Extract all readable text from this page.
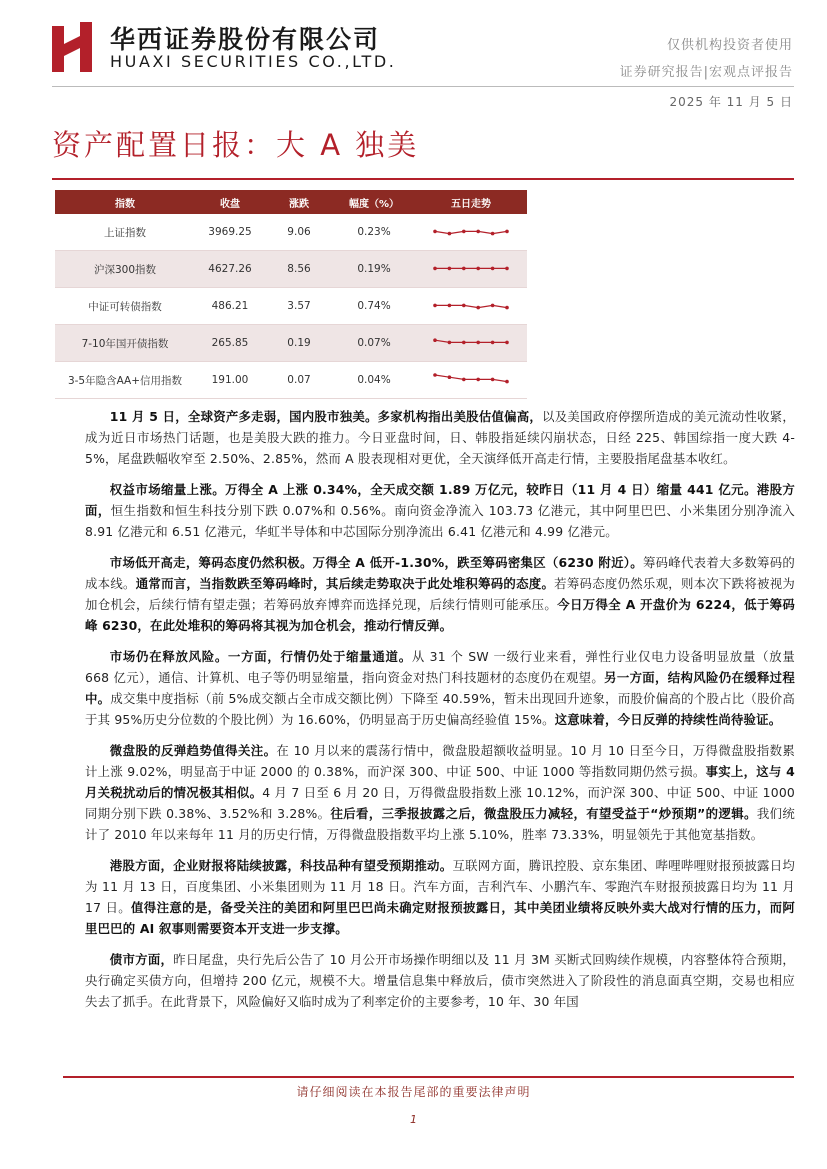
华西证券股份有限公司
HUAXI SECURITIES CO.,LTD.
仅供机构投资者使用
证券研究报告|宏观点评报告
2025 年 11 月 5 日
资产配置日报：大 A 独美
指数	收盘	涨跌	幅度（%）	五日走势
上证指数	3969.25	9.06	0.23%
沪深300指数	4627.26	8.56	0.19%
中证可转债指数	486.21	3.57	0.74%
7-10年国开债指数	265.85	0.19	0.07%
3-5年隐含AA+信用指数	191.00	0.07	0.04%

11 月 5 日，全球资产多走弱，国内股市独美。多家机构指出美股估值偏高，以及美国政府停摆所造成的美元流动性收紧，成为近日市场热门话题，也是美股大跌的推力。今日亚盘时间，日、韩股指延续闪崩状态，日经 225、韩国综指一度大跌 4-5%，尾盘跌幅收窄至 2.50%、2.85%，然而 A 股表现相对更优，全天演绎低开高走行情，主要股指尾盘基本收红。

权益市场缩量上涨。万得全 A 上涨 0.34%，全天成交额 1.89 万亿元，较昨日（11 月 4 日）缩量 441 亿元。港股方面，恒生指数和恒生科技分别下跌 0.07%和 0.56%。南向资金净流入 103.73 亿港元，其中阿里巴巴、小米集团分别净流入 8.91 亿港元和 6.51 亿港元，华虹半导体和中芯国际分别净流出 6.41 亿港元和 4.99 亿港元。

市场低开高走，筹码态度仍然积极。万得全 A 低开-1.30%，跌至筹码密集区（6230 附近）。筹码峰代表着大多数筹码的成本线。通常而言，当指数跌至筹码峰时，其后续走势取决于此处堆积筹码的态度。若筹码态度仍然乐观，则本次下跌将被视为加仓机会，后续行情有望走强；若筹码放弃博弈而选择兑现，后续行情则可能承压。今日万得全 A 开盘价为 6224，低于筹码峰 6230，在此处堆积的筹码将其视为加仓机会，推动行情反弹。

市场仍在释放风险。一方面，行情仍处于缩量通道。从 31 个 SW 一级行业来看，弹性行业仅电力设备明显放量（放量 668 亿元），通信、计算机、电子等仍明显缩量，指向资金对热门科技题材的态度仍在观望。另一方面，结构风险仍在缓释过程中。成交集中度指标（前 5%成交额占全市成交额比例）下降至 40.59%，暂未出现回升迹象，而股价偏高的个股占比（股价高于其 95%历史分位数的个股比例）为 16.60%，仍明显高于历史偏高经验值 15%。这意味着，今日反弹的持续性尚待验证。

微盘股的反弹趋势值得关注。在 10 月以来的震荡行情中，微盘股超额收益明显。10 月 10 日至今日，万得微盘股指数累计上涨 9.02%，明显高于中证 2000 的 0.38%，而沪深 300、中证 500、中证 1000 等指数同期仍然亏损。事实上，这与 4 月关税扰动后的情况极其相似。4 月 7 日至 6 月 20 日，万得微盘股指数上涨 10.12%，而沪深 300、中证 500、中证 1000 同期分别下跌 0.38%、3.52%和 3.28%。往后看，三季报披露之后，微盘股压力减轻，有望受益于“炒预期”的逻辑。我们统计了 2010 年以来每年 11 月的历史行情，万得微盘股指数平均上涨 5.10%，胜率 73.33%，明显领先于其他宽基指数。

港股方面，企业财报将陆续披露，科技品种有望受预期推动。互联网方面，腾讯控股、京东集团、哔哩哔哩财报预披露日均为 11 月 13 日，百度集团、小米集团则为 11 月 18 日。汽车方面，吉利汽车、小鹏汽车、零跑汽车财报预披露日均为 11 月 17 日。值得注意的是，备受关注的美团和阿里巴巴尚未确定财报预披露日，其中美团业绩将反映外卖大战对行情的压力，而阿里巴巴的 AI 叙事则需要资本开支进一步支撑。

债市方面，昨日尾盘，央行先后公告了 10 月公开市场操作明细以及 11 月 3M 买断式回购续作规模，内容整体符合预期，央行确定买债方向，但增持 200 亿元，规模不大。增量信息集中释放后，债市突然进入了阶段性的消息面真空期，交易也相应失去了抓手。在此背景下，风险偏好又临时成为了利率定价的主要参考，10 年、30 年国

请仔细阅读在本报告尾部的重要法律声明
1
